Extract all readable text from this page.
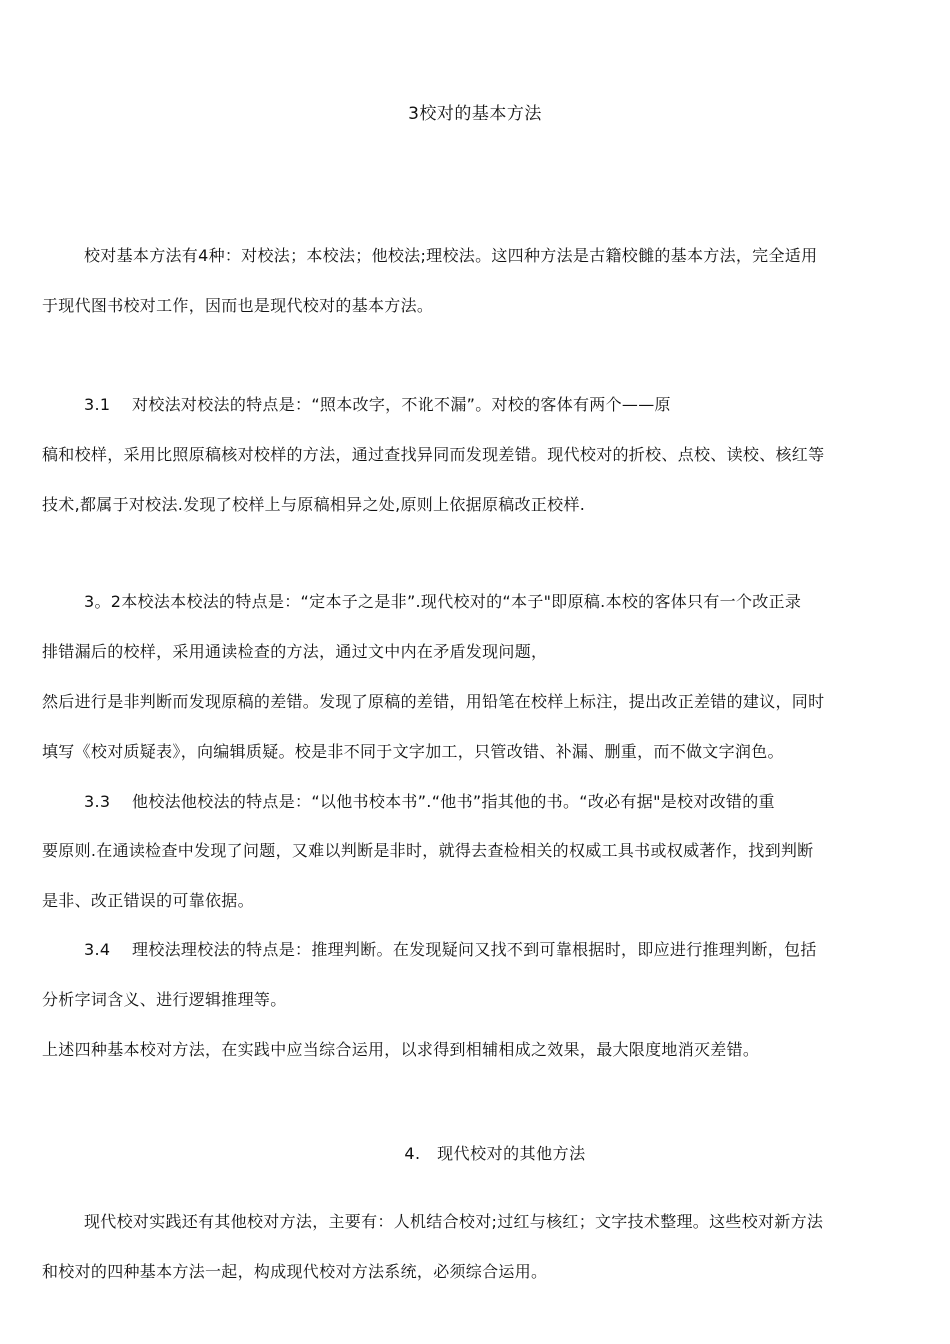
3校对的基本方法
校对基本方法有4种：对校法；本校法；他校法;理校法。这四种方法是古籍校雠的基本方法，完全适用
于现代图书校对工作，因而也是现代校对的基本方法。
3.1　 对校法对校法的特点是：“照本改字，不讹不漏”。对校的客体有两个——原
稿和校样，采用比照原稿核对校样的方法，通过查找异同而发现差错。现代校对的折校、点校、读校、核红等
技术,都属于对校法.发现了校样上与原稿相异之处,原则上依据原稿改正校样.
3。2本校法本校法的特点是：“定本子之是非”.现代校对的“本子"即原稿.本校的客体只有一个改正录
排错漏后的校样，采用通读检查的方法，通过文中内在矛盾发现问题，
然后进行是非判断而发现原稿的差错。发现了原稿的差错，用铅笔在校样上标注，提出改正差错的建议，同时
填写《校对质疑表》，向编辑质疑。校是非不同于文字加工，只管改错、补漏、删重，而不做文字润色。
3.3　 他校法他校法的特点是：“以他书校本书”.“他书”指其他的书。“改必有据"是校对改错的重
要原则.在通读检查中发现了问题，又难以判断是非时，就得去查检相关的权威工具书或权威著作，找到判断
是非、改正错误的可靠依据。
3.4　 理校法理校法的特点是：推理判断。在发现疑问又找不到可靠根据时，即应进行推理判断，包括
分析字词含义、进行逻辑推理等。
上述四种基本校对方法，在实践中应当综合运用，以求得到相辅相成之效果，最大限度地消灭差错。
4.　现代校对的其他方法
现代校对实践还有其他校对方法，主要有：人机结合校对;过红与核红；文字技术整理。这些校对新方法
和校对的四种基本方法一起，构成现代校对方法系统，必须综合运用。
